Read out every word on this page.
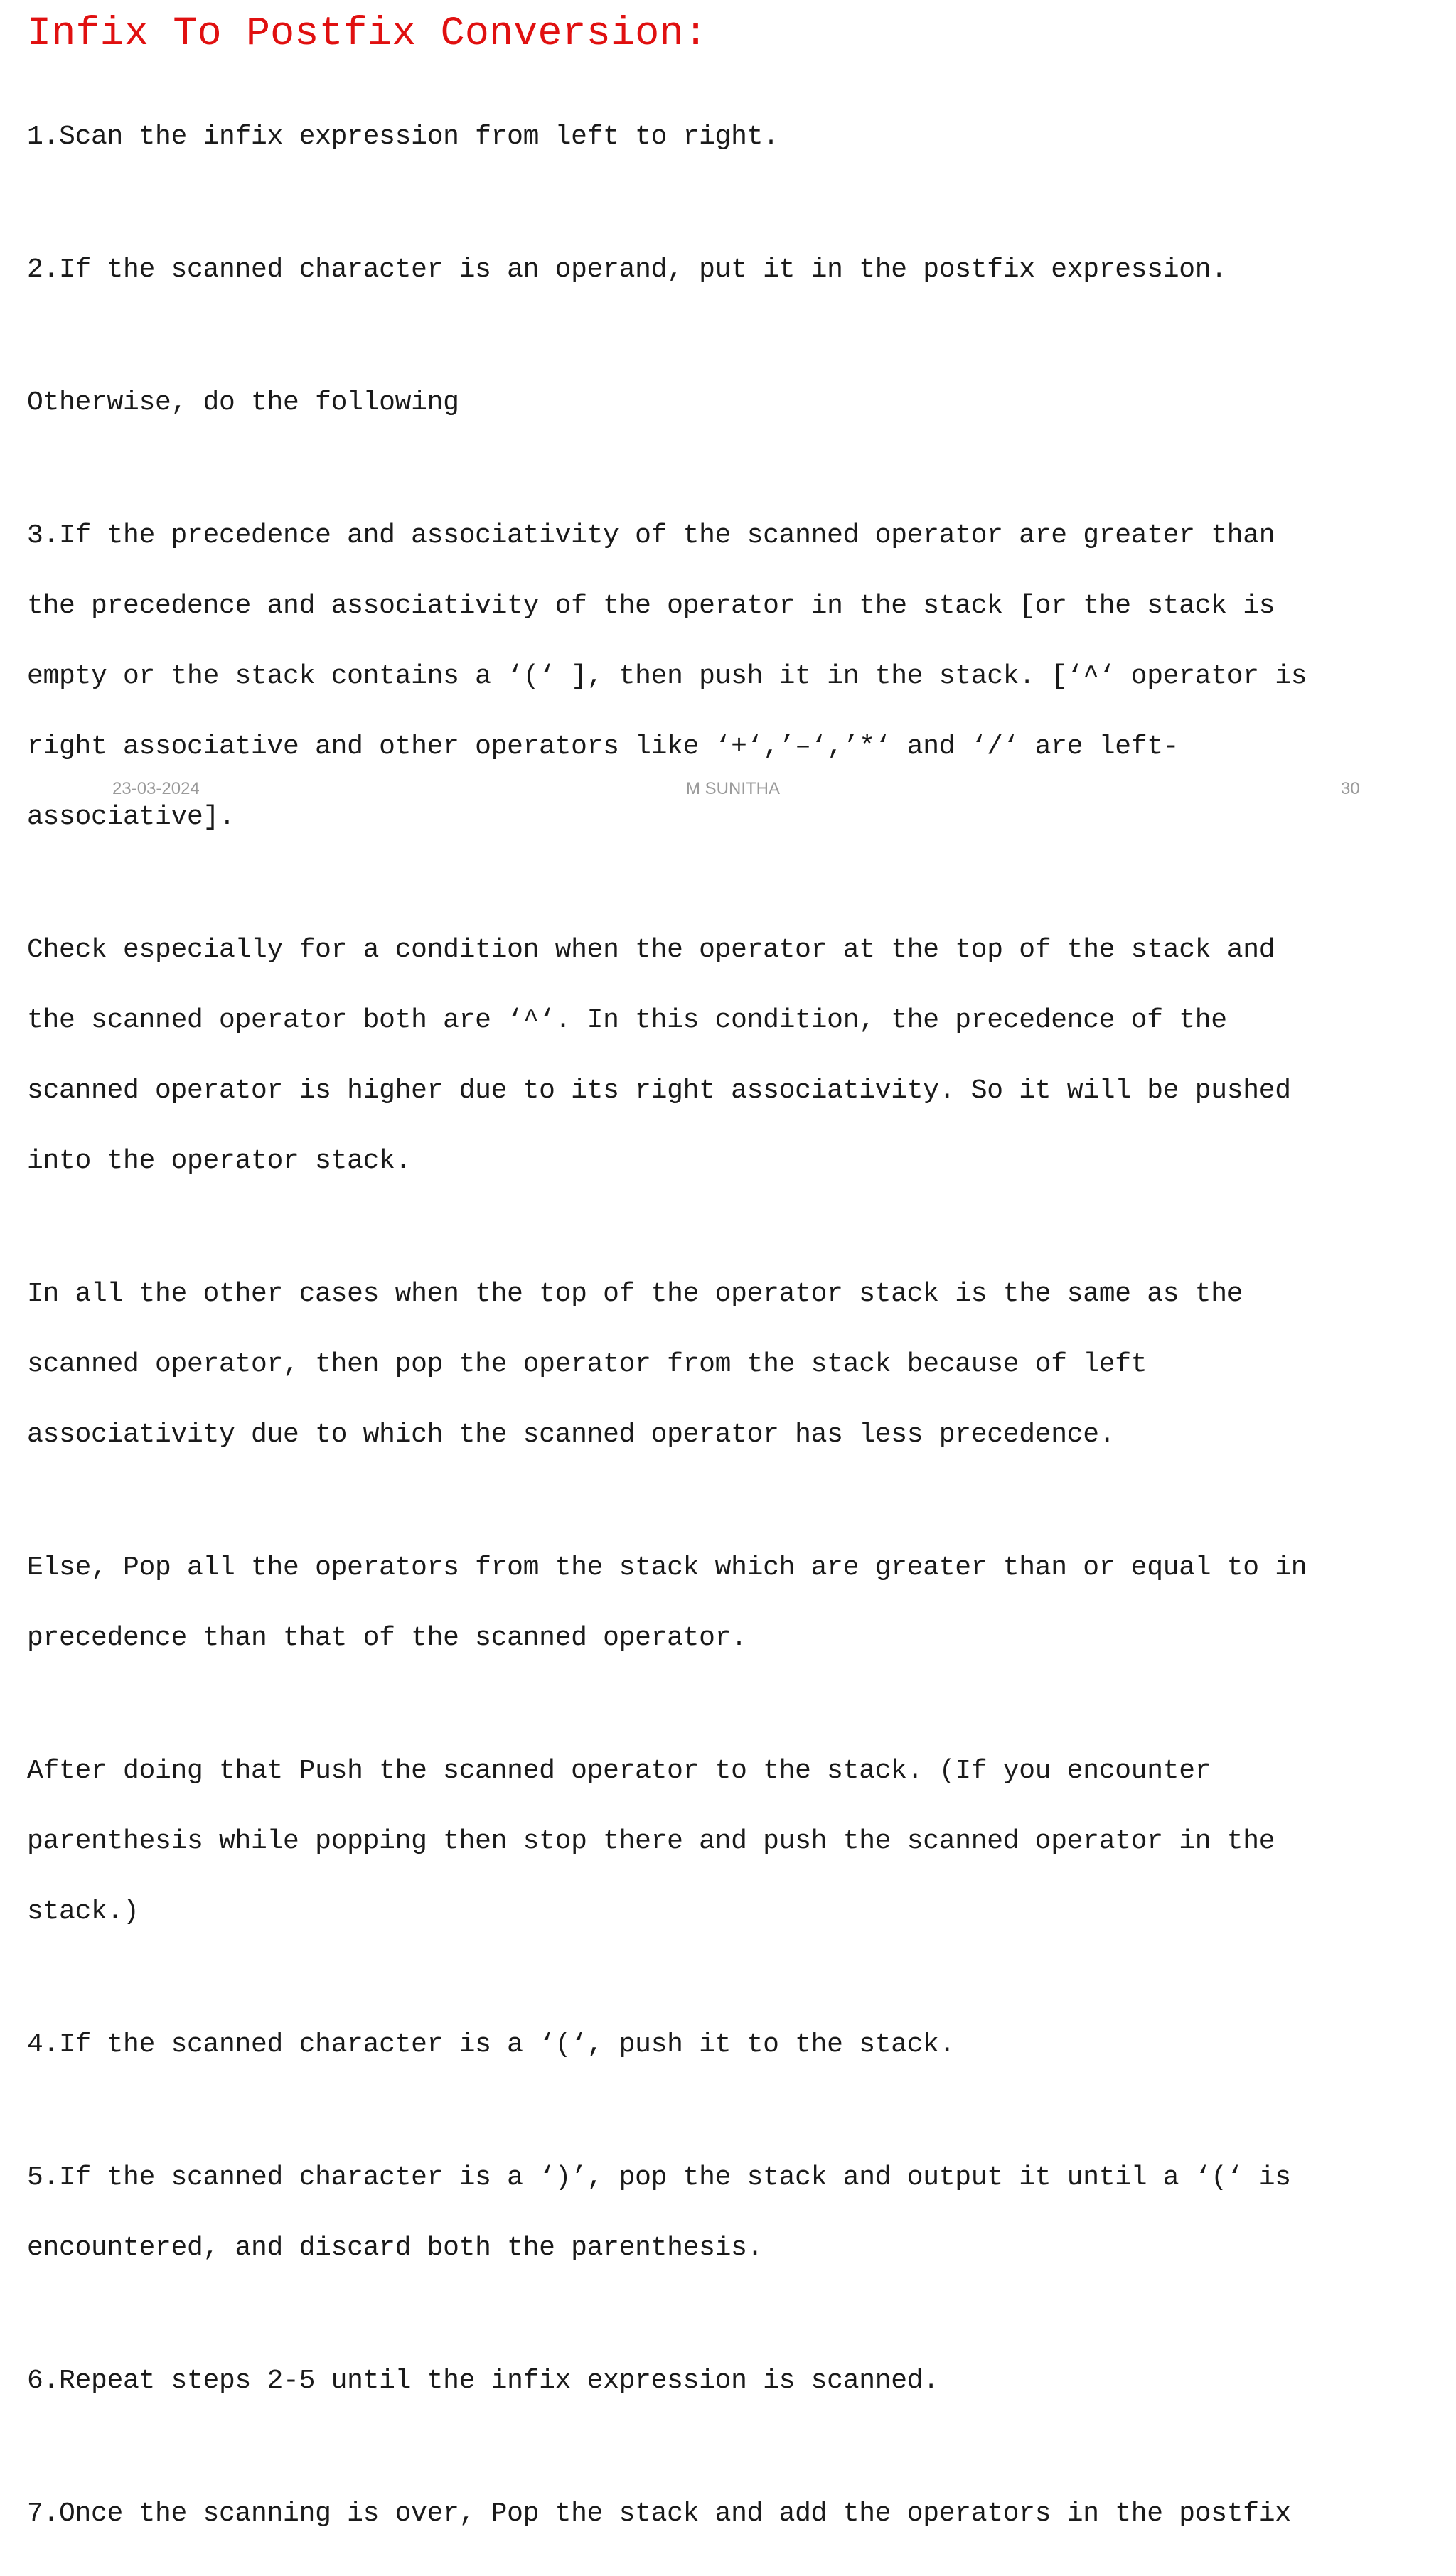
Infix To Postfix Conversion:

1.Scan the infix expression from left to right.

2.If the scanned character is an operand, put it in the postfix expression.

Otherwise, do the following

3.If the precedence and associativity of the scanned operator are greater than

the precedence and associativity of the operator in the stack [or the stack is

empty or the stack contains a ‘(‘ ], then push it in the stack. [‘^‘ operator is

right associative and other operators like ‘+‘,’–‘,’*‘ and ‘/‘ are left-

associative].

Check especially for a condition when the operator at the top of the stack and

the scanned operator both are ‘^‘. In this condition, the precedence of the

scanned operator is higher due to its right associativity. So it will be pushed

into the operator stack.

In all the other cases when the top of the operator stack is the same as the

scanned operator, then pop the operator from the stack because of left

associativity due to which the scanned operator has less precedence.

Else, Pop all the operators from the stack which are greater than or equal to in

precedence than that of the scanned operator.

After doing that Push the scanned operator to the stack. (If you encounter

parenthesis while popping then stop there and push the scanned operator in the

stack.)

4.If the scanned character is a ‘(‘, push it to the stack.

5.If the scanned character is a ‘)’, pop the stack and output it until a ‘(‘ is

encountered, and discard both the parenthesis.

6.Repeat steps 2-5 until the infix expression is scanned.

7.Once the scanning is over, Pop the stack and add the operators in the postfix

23-03-2024	M SUNITHA	30
